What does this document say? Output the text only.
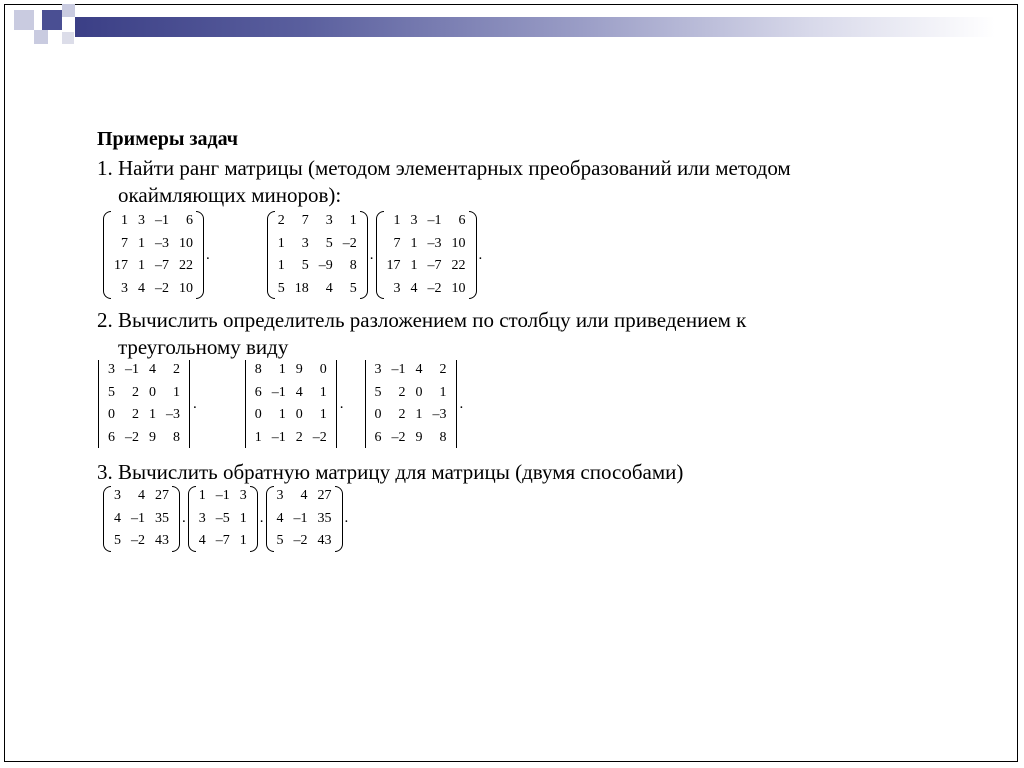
Примеры задач
1. Найти ранг матрицы (методом элементарных преобразований или методом
окаймляющих миноров):
1	3	–1	6
7	1	–3	10
17	1	–7	22
3	4	–2	10
.
2	7	3	1
1	3	5	–2
1	5	–9	8
5	18	4	5
.
1	3	–1	6
7	1	–3	10
17	1	–7	22
3	4	–2	10
.
2. Вычислить определитель разложением по столбцу или приведением к
треугольному виду
3	–1	4	2
5	2	0	1
0	2	1	–3
6	–2	9	8
.
8	1	9	0
6	–1	4	1
0	1	0	1
1	–1	2	–2
.
3	–1	4	2
5	2	0	1
0	2	1	–3
6	–2	9	8
.
3. Вычислить обратную матрицу для матрицы (двумя способами)
3	4	27
4	–1	35
5	–2	43
.
1	–1	3
3	–5	1
4	–7	1
.
3	4	27
4	–1	35
5	–2	43
.
